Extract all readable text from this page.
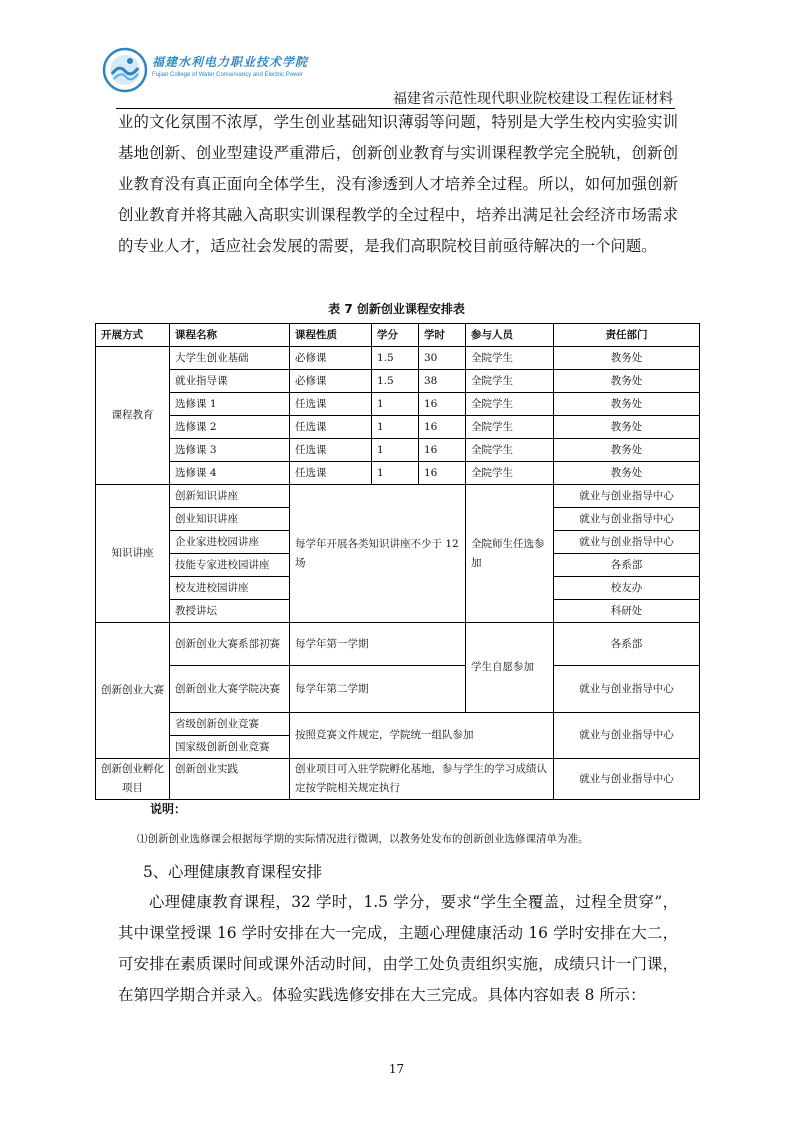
福建水利电力职业技术学院
Fujian College of Water Conservancy and Electric Power
福建省示范性现代职业院校建设工程佐证材料

业的文化氛围不浓厚，学生创业基础知识薄弱等问题，特别是大学生校内实验实训基地创新、创业型建设严重滞后，创新创业教育与实训课程教学完全脱轨，创新创业教育没有真正面向全体学生，没有渗透到人才培养全过程。所以，如何加强创新创业教育并将其融入高职实训课程教学的全过程中，培养出满足社会经济市场需求的专业人才，适应社会发展的需要，是我们高职院校目前亟待解决的一个问题。

表 7 创新创业课程安排表
开展方式	课程名称	课程性质	学分	学时	参与人员	责任部门
课程教育	大学生创业基础	必修课	1.5	30	全院学生	教务处
	就业指导课	必修课	1.5	38	全院学生	教务处
	选修课 1	任选课	1	16	全院学生	教务处
	选修课 2	任选课	1	16	全院学生	教务处
	选修课 3	任选课	1	16	全院学生	教务处
	选修课 4	任选课	1	16	全院学生	教务处
知识讲座	创新知识讲座	每学年开展各类知识讲座不少于 12 场			全院师生任选参加	就业与创业指导中心
	创业知识讲座					就业与创业指导中心
	企业家进校园讲座					就业与创业指导中心
	技能专家进校园讲座					各系部
	校友进校园讲座					校友办
	教授讲坛					科研处
创新创业大赛	创新创业大赛系部初赛	每学年第一学期			学生自愿参加	各系部
	创新创业大赛学院决赛	每学年第二学期				就业与创业指导中心
	省级创新创业竞赛	按照竞赛文件规定，学院统一组队参加				就业与创业指导中心
	国家级创新创业竞赛					
创新创业孵化项目	创新创业实践	创业项目可入驻学院孵化基地，参与学生的学习成绩认定按学院相关规定执行				就业与创业指导中心
说明：
⑴创新创业选修课会根据每学期的实际情况进行微调，以教务处发布的创新创业选修课清单为准。
5、心理健康教育课程安排

心理健康教育课程，32 学时，1.5 学分，要求“学生全覆盖，过程全贯穿”，其中课堂授课 16 学时安排在大一完成，主题心理健康活动 16 学时安排在大二，可安排在素质课时间或课外活动时间，由学工处负责组织实施，成绩只计一门课，在第四学期合并录入。体验实践选修安排在大三完成。具体内容如表 8 所示：

17
